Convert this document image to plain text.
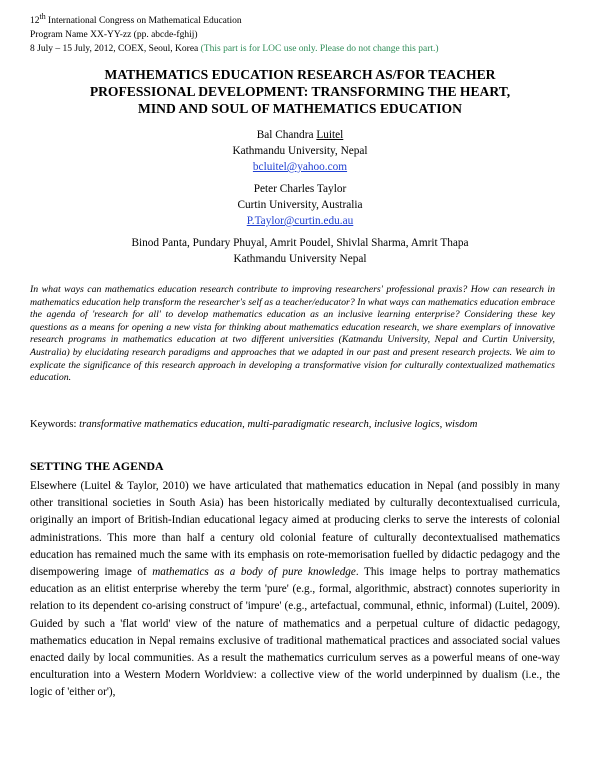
12th International Congress on Mathematical Education
Program Name XX-YY-zz (pp. abcde-fghij)
8 July – 15 July, 2012, COEX, Seoul, Korea (This part is for LOC use only. Please do not change this part.)
MATHEMATICS EDUCATION RESEARCH AS/FOR TEACHER
PROFESSIONAL DEVELOPMENT: TRANSFORMING THE HEART,
MIND AND SOUL OF MATHEMATICS EDUCATION
Bal Chandra Luitel
Kathmandu University, Nepal
bcluitel@yahoo.com
Peter Charles Taylor
Curtin University, Australia
P.Taylor@curtin.edu.au
Binod Panta, Pundary Phuyal, Amrit Poudel, Shivlal Sharma, Amrit Thapa
Kathmandu University Nepal
In what ways can mathematics education research contribute to improving researchers' professional praxis? How can research in mathematics education help transform the researcher's self as a teacher/educator? In what ways can mathematics education embrace the agenda of 'research for all' to develop mathematics education as an inclusive learning enterprise? Considering these key questions as a means for opening a new vista for thinking about mathematics education research, we share exemplars of innovative research programs in mathematics education at two different universities (Katmandu University, Nepal and Curtin University, Australia) by elucidating research paradigms and approaches that we adapted in our past and present research projects. We aim to explicate the significance of this research approach in developing a transformative vision for culturally contextualized mathematics education.
Keywords: transformative mathematics education, multi-paradigmatic research, inclusive logics, wisdom
SETTING THE AGENDA
Elsewhere (Luitel & Taylor, 2010) we have articulated that mathematics education in Nepal (and possibly in many other transitional societies in South Asia) has been historically mediated by culturally decontextualised curricula, originally an import of British-Indian educational legacy aimed at producing clerks to serve the interests of colonial administrations. This more than half a century old colonial feature of culturally decontextualised mathematics education has remained much the same with its emphasis on rote-memorisation fuelled by didactic pedagogy and the disempowering image of mathematics as a body of pure knowledge. This image helps to portray mathematics education as an elitist enterprise whereby the term 'pure' (e.g., formal, algorithmic, abstract) connotes superiority in relation to its dependent co-arising construct of 'impure' (e.g., artefactual, communal, ethnic, informal) (Luitel, 2009). Guided by such a 'flat world' view of the nature of mathematics and a perpetual culture of didactic pedagogy, mathematics education in Nepal remains exclusive of traditional mathematical practices and associated social values enacted daily by local communities. As a result the mathematics curriculum serves as a powerful means of one-way enculturation into a Western Modern Worldview: a collective view of the world underpinned by dualism (i.e., the logic of 'either or'),
